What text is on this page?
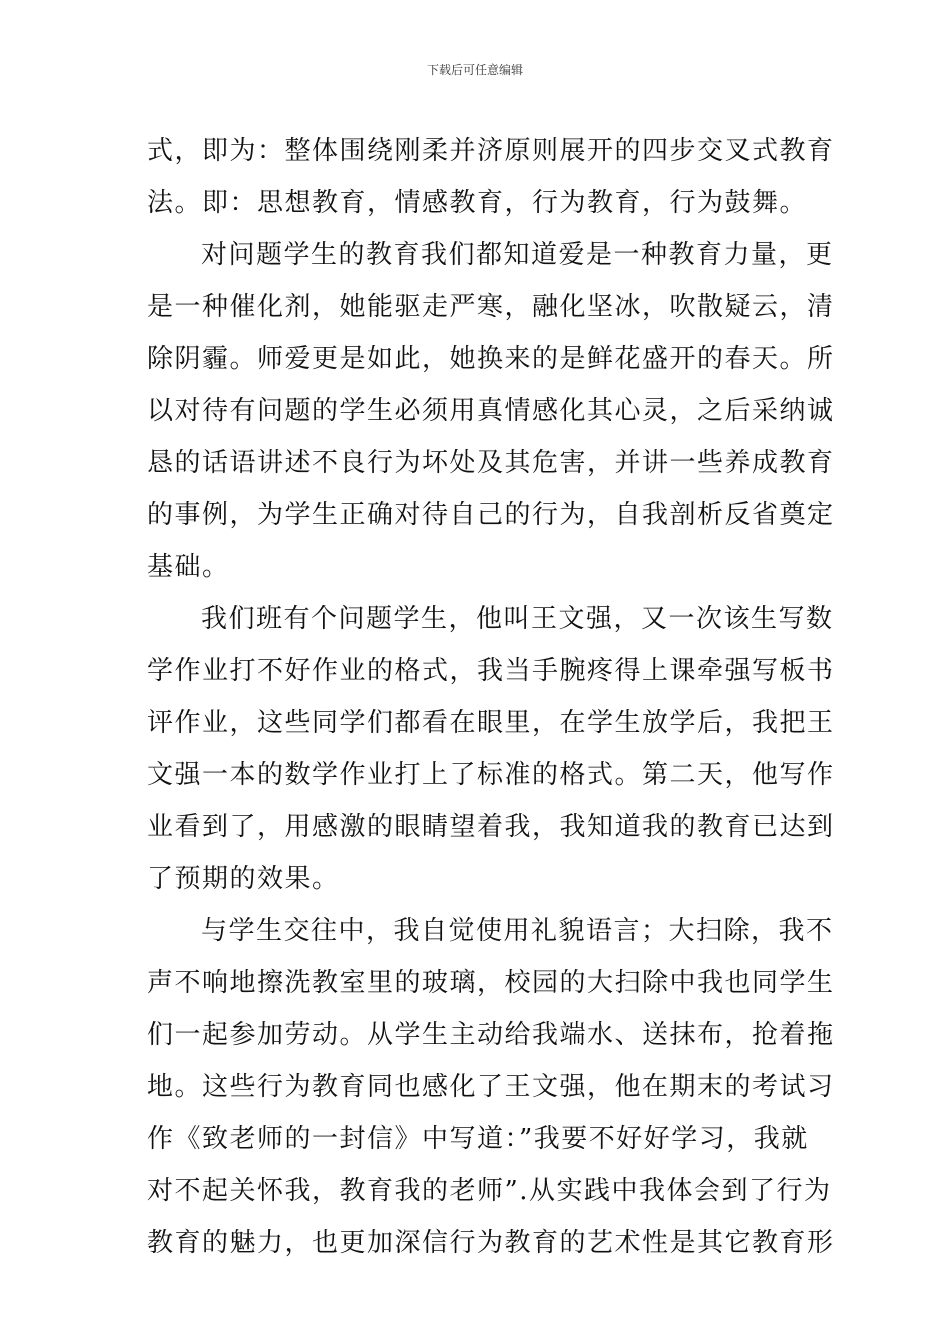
下载后可任意编辑
式，即为：整体围绕刚柔并济原则展开的四步交叉式教育
法。即：思想教育，情感教育，行为教育，行为鼓舞。
对问题学生的教育我们都知道爱是一种教育力量，更
是一种催化剂，她能驱走严寒，融化坚冰，吹散疑云，清
除阴霾。师爱更是如此，她换来的是鲜花盛开的春天。所
以对待有问题的学生必须用真情感化其心灵，之后采纳诚
恳的话语讲述不良行为坏处及其危害，并讲一些养成教育
的事例，为学生正确对待自己的行为，自我剖析反省奠定
基础。
我们班有个问题学生，他叫王文强，又一次该生写数
学作业打不好作业的格式，我当手腕疼得上课牵强写板书
评作业，这些同学们都看在眼里，在学生放学后，我把王
文强一本的数学作业打上了标准的格式。第二天，他写作
业看到了，用感激的眼睛望着我，我知道我的教育已达到
了预期的效果。
与学生交往中，我自觉使用礼貌语言；大扫除，我不
声不响地擦洗教室里的玻璃，校园的大扫除中我也同学生
们一起参加劳动。从学生主动给我端水、送抹布，抢着拖
地。这些行为教育同也感化了王文强，他在期末的考试习
作《致老师的一封信》中写道：”我要不好好学习，我就
对不起关怀我，教育我的老师”.从实践中我体会到了行为
教育的魅力，也更加深信行为教育的艺术性是其它教育形
